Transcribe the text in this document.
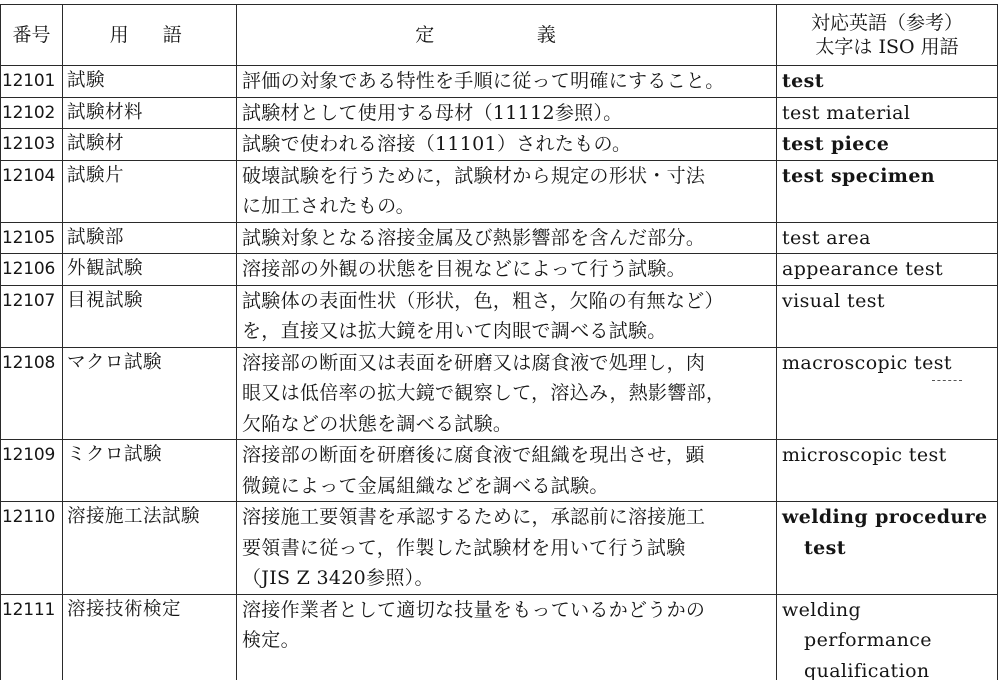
番号	用　語	定　義	対応英語（参考）
太字は ISO 用語

12101	試験	評価の対象である特性を手順に従って明確にすること。	test

12102	試験材料	試験材として使用する母材（11112参照）。	test material

12103	試験材	試験で使われる溶接（11101）されたもの。	test piece

12104	試験片	破壊試験を行うために，試験材から規定の形状・寸法
に加工されたもの。	test specimen

12105	試験部	試験対象となる溶接金属及び熱影響部を含んだ部分。	test area

12106	外観試験	溶接部の外観の状態を目視などによって行う試験。	appearance test

12107	目視試験	試験体の表面性状（形状，色，粗さ，欠陥の有無など）
を，直接又は拡大鏡を用いて肉眼で調べる試験。	visual test

12108	マクロ試験	溶接部の断面又は表面を研磨又は腐食液で処理し，肉
眼又は低倍率の拡大鏡で観察して，溶込み，熱影響部，
欠陥などの状態を調べる試験。	macroscopic test

12109	ミクロ試験	溶接部の断面を研磨後に腐食液で組織を現出させ，顕
微鏡によって金属組織などを調べる試験。	microscopic test

12110	溶接施工法試験	溶接施工要領書を承認するために，承認前に溶接施工
要領書に従って，作製した試験材を用いて行う試験
（JIS Z 3420参照）。	welding procedure
test

12111	溶接技術検定	溶接作業者として適切な技量をもっているかどうかの
検定。	welding
performance
qualification
